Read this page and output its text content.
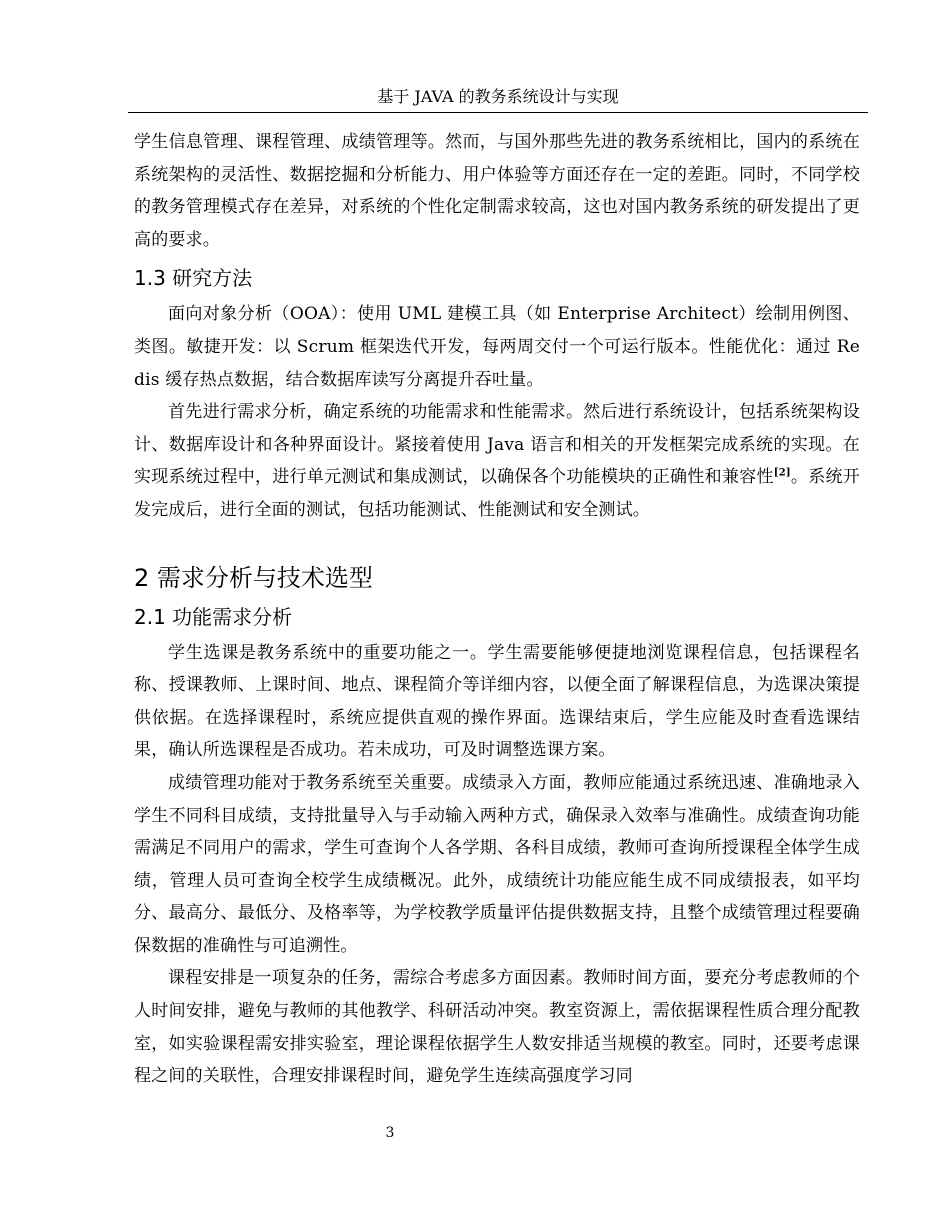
基于 JAVA 的教务系统设计与实现

学生信息管理、课程管理、成绩管理等。然而，与国外那些先进的教务系统相比，国内的系统在系统架构的灵活性、数据挖掘和分析能力、用户体验等方面还存在一定的差距。同时，不同学校的教务管理模式存在差异，对系统的个性化定制需求较高，这也对国内教务系统的研发提出了更高的要求。

1.3 研究方法

面向对象分析（OOA）：使用 UML 建模工具（如 Enterprise Architect）绘制用例图、类图。敏捷开发：以 Scrum 框架迭代开发，每两周交付一个可运行版本。性能优化：通过 Redis 缓存热点数据，结合数据库读写分离提升吞吐量。

首先进行需求分析，确定系统的功能需求和性能需求。然后进行系统设计，包括系统架构设计、数据库设计和各种界面设计。紧接着使用 Java 语言和相关的开发框架完成系统的实现。在实现系统过程中，进行单元测试和集成测试，以确保各个功能模块的正确性和兼容性[2]。系统开发完成后，进行全面的测试，包括功能测试、性能测试和安全测试。

2 需求分析与技术选型
2.1 功能需求分析

学生选课是教务系统中的重要功能之一。学生需要能够便捷地浏览课程信息，包括课程名称、授课教师、上课时间、地点、课程简介等详细内容，以便全面了解课程信息，为选课决策提供依据。在选择课程时，系统应提供直观的操作界面。选课结束后，学生应能及时查看选课结果，确认所选课程是否成功。若未成功，可及时调整选课方案。

成绩管理功能对于教务系统至关重要。成绩录入方面，教师应能通过系统迅速、准确地录入学生不同科目成绩，支持批量导入与手动输入两种方式，确保录入效率与准确性。成绩查询功能需满足不同用户的需求，学生可查询个人各学期、各科目成绩，教师可查询所授课程全体学生成绩，管理人员可查询全校学生成绩概况。此外，成绩统计功能应能生成不同成绩报表，如平均分、最高分、最低分、及格率等，为学校教学质量评估提供数据支持，且整个成绩管理过程要确保数据的准确性与可追溯性。

课程安排是一项复杂的任务，需综合考虑多方面因素。教师时间方面，要充分考虑教师的个人时间安排，避免与教师的其他教学、科研活动冲突。教室资源上，需依据课程性质合理分配教室，如实验课程需安排实验室，理论课程依据学生人数安排适当规模的教室。同时，还要考虑课程之间的关联性，合理安排课程时间，避免学生连续高强度学习同

3
